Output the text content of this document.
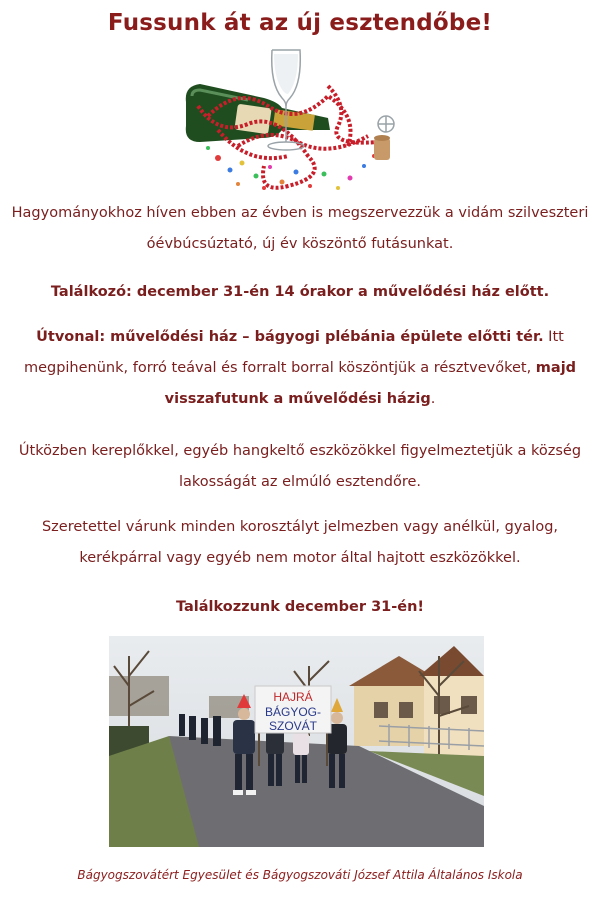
Fussunk át az új esztendőbe!
Hagyományokhoz híven ebben az évben is megszervezzük a vidám szilveszteri óévbúcsúztató, új év köszöntő futásunkat.
Találkozó: december 31-én 14 órakor a művelődési ház előtt.
Útvonal: művelődési ház – bágyogi plébánia épülete előtti tér. Itt megpihenünk, forró teával és forralt borral köszöntjük a résztvevőket, majd visszafutunk a művelődési házig.
Útközben kereplőkkel, egyéb hangkeltő eszközökkel figyelmeztetjük a község lakosságát az elmúló esztendőre.
Szeretettel várunk minden korosztályt jelmezben vagy anélkül, gyalog, kerékpárral vagy egyéb nem motor által hajtott eszközökkel.
Találkozzunk december 31-én!
HAJRÁ
BÁGYOG-
SZOVÁT
Bágyogszovátért Egyesület és Bágyogszováti József Attila Általános Iskola
